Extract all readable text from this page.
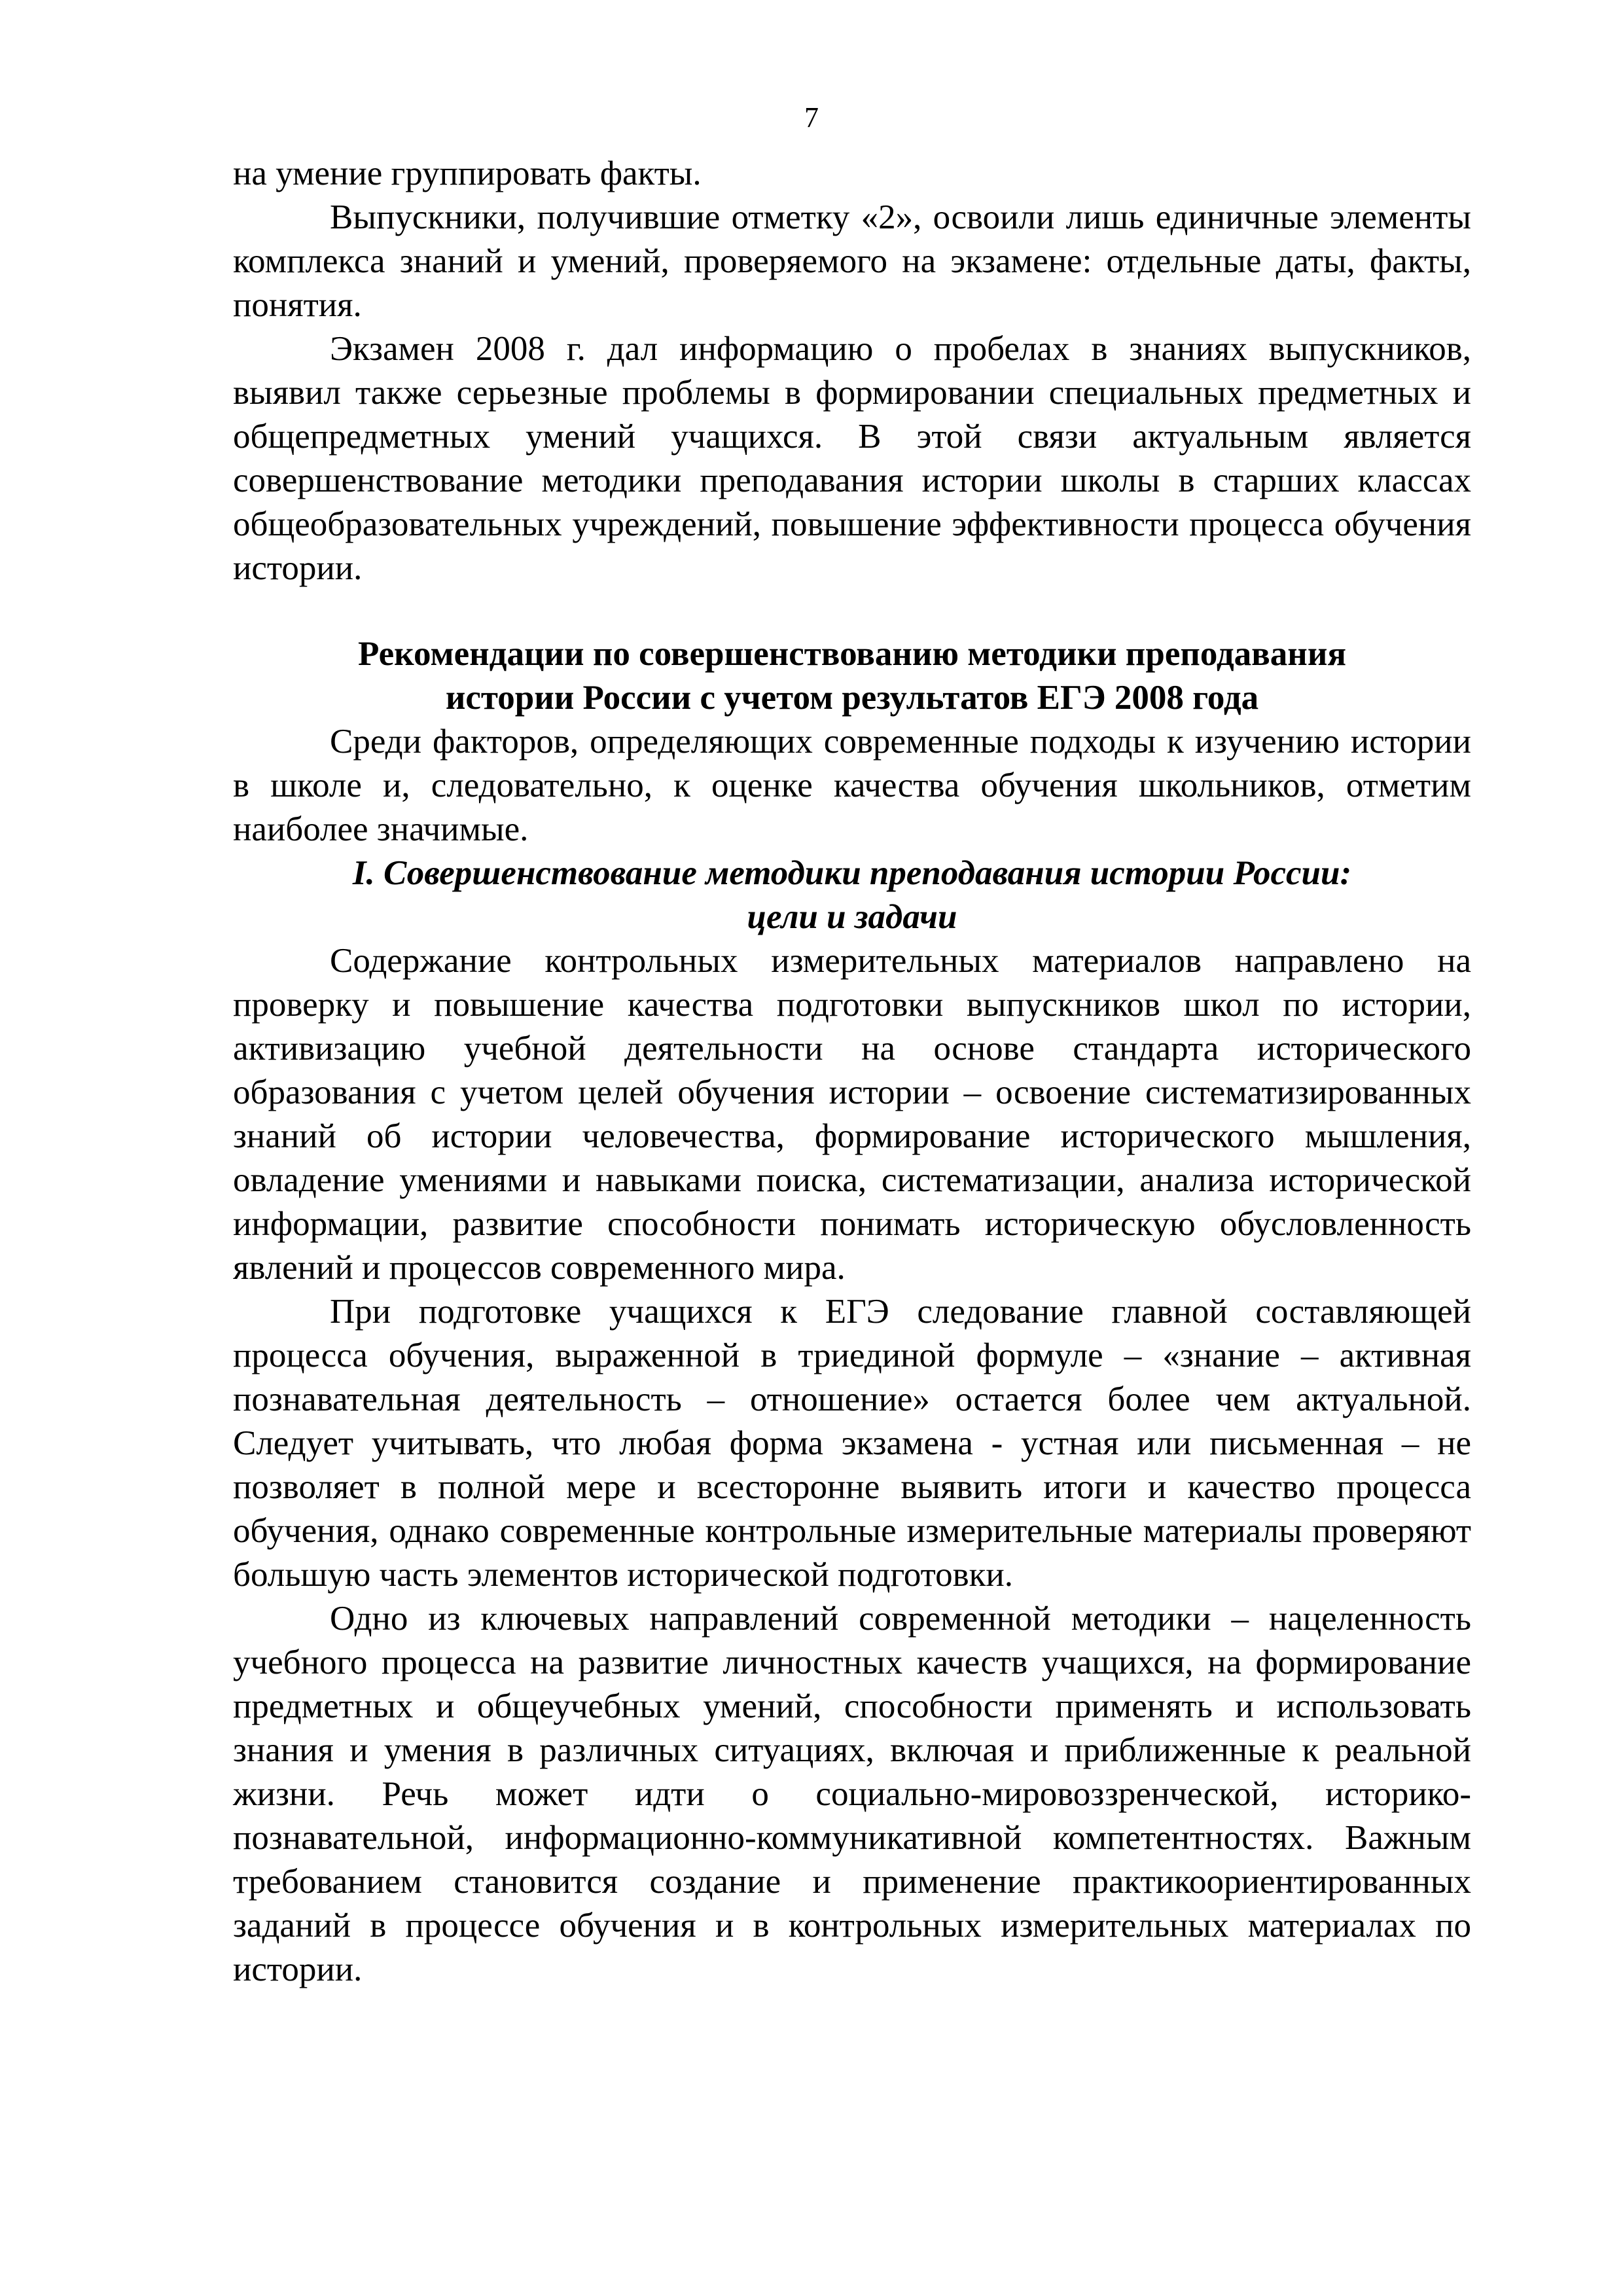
7

на умение группировать факты.

Выпускники, получившие отметку «2», освоили лишь единичные элементы комплекса знаний и умений, проверяемого на экзамене: отдельные даты, факты, понятия.

Экзамен 2008 г. дал информацию о пробелах в знаниях выпускников, выявил также серьезные проблемы в формировании специальных предметных и общепредметных умений учащихся. В этой связи актуальным является совершенствование методики преподавания истории школы в старших классах общеобразовательных учреждений, повышение эффективности процесса обучения истории.

Рекомендации по совершенствованию методики преподавания
истории России с учетом результатов ЕГЭ 2008 года

Среди факторов, определяющих современные подходы к изучению истории в школе и, следовательно, к оценке качества обучения школьников, отметим наиболее значимые.

I. Совершенствование методики преподавания истории России:
цели и задачи

Содержание контрольных измерительных материалов направлено на проверку и повышение качества подготовки выпускников школ по истории, активизацию учебной деятельности на основе стандарта исторического образования с учетом целей обучения истории – освоение систематизированных знаний об истории человечества, формирование исторического мышления, овладение умениями и навыками поиска, систематизации, анализа исторической информации, развитие способности понимать историческую обусловленность явлений и процессов современного мира.

При подготовке учащихся к ЕГЭ следование главной составляющей процесса обучения, выраженной в триединой формуле – «знание – активная познавательная деятельность – отношение» остается более чем актуальной. Следует учитывать, что любая форма экзамена - устная или письменная – не позволяет в полной мере и всесторонне выявить итоги и качество процесса обучения, однако современные контрольные измерительные материалы проверяют большую часть элементов исторической подготовки.

Одно из ключевых направлений современной методики – нацеленность учебного процесса на развитие личностных качеств учащихся, на формирование предметных и общеучебных умений, способности применять и использовать знания и умения в различных ситуациях, включая и приближенные к реальной жизни. Речь может идти о социально-мировоззренческой, историко-познавательной, информационно-коммуникативной компетентностях. Важным требованием становится создание и применение практикоориентированных заданий в процессе обучения и в контрольных измерительных материалах по истории.
